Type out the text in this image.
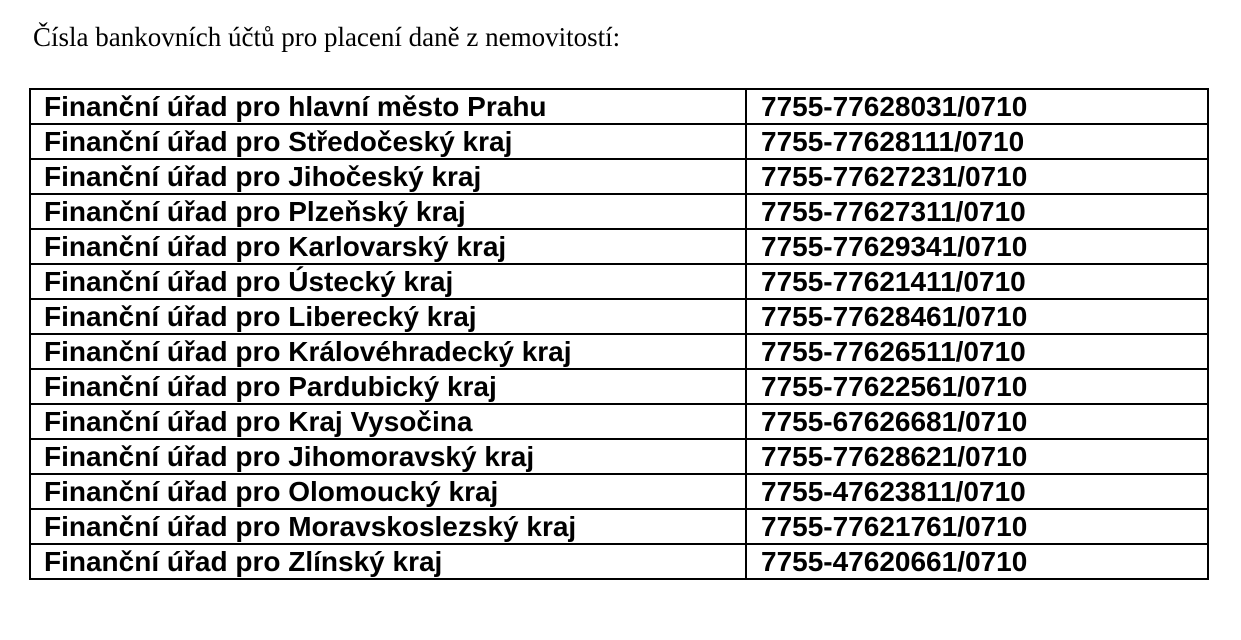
Čísla bankovních účtů pro placení daně z nemovitostí:
Finanční úřad pro hlavní město Prahu	7755-77628031/0710
Finanční úřad pro Středočeský kraj	7755-77628111/0710
Finanční úřad pro Jihočeský kraj	7755-77627231/0710
Finanční úřad pro Plzeňský kraj	7755-77627311/0710
Finanční úřad pro Karlovarský kraj	7755-77629341/0710
Finanční úřad pro Ústecký kraj	7755-77621411/0710
Finanční úřad pro Liberecký kraj	7755-77628461/0710
Finanční úřad pro Královéhradecký kraj	7755-77626511/0710
Finanční úřad pro Pardubický kraj	7755-77622561/0710
Finanční úřad pro Kraj Vysočina	7755-67626681/0710
Finanční úřad pro Jihomoravský kraj	7755-77628621/0710
Finanční úřad pro Olomoucký kraj	7755-47623811/0710
Finanční úřad pro Moravskoslezský kraj	7755-77621761/0710
Finanční úřad pro Zlínský kraj	7755-47620661/0710
